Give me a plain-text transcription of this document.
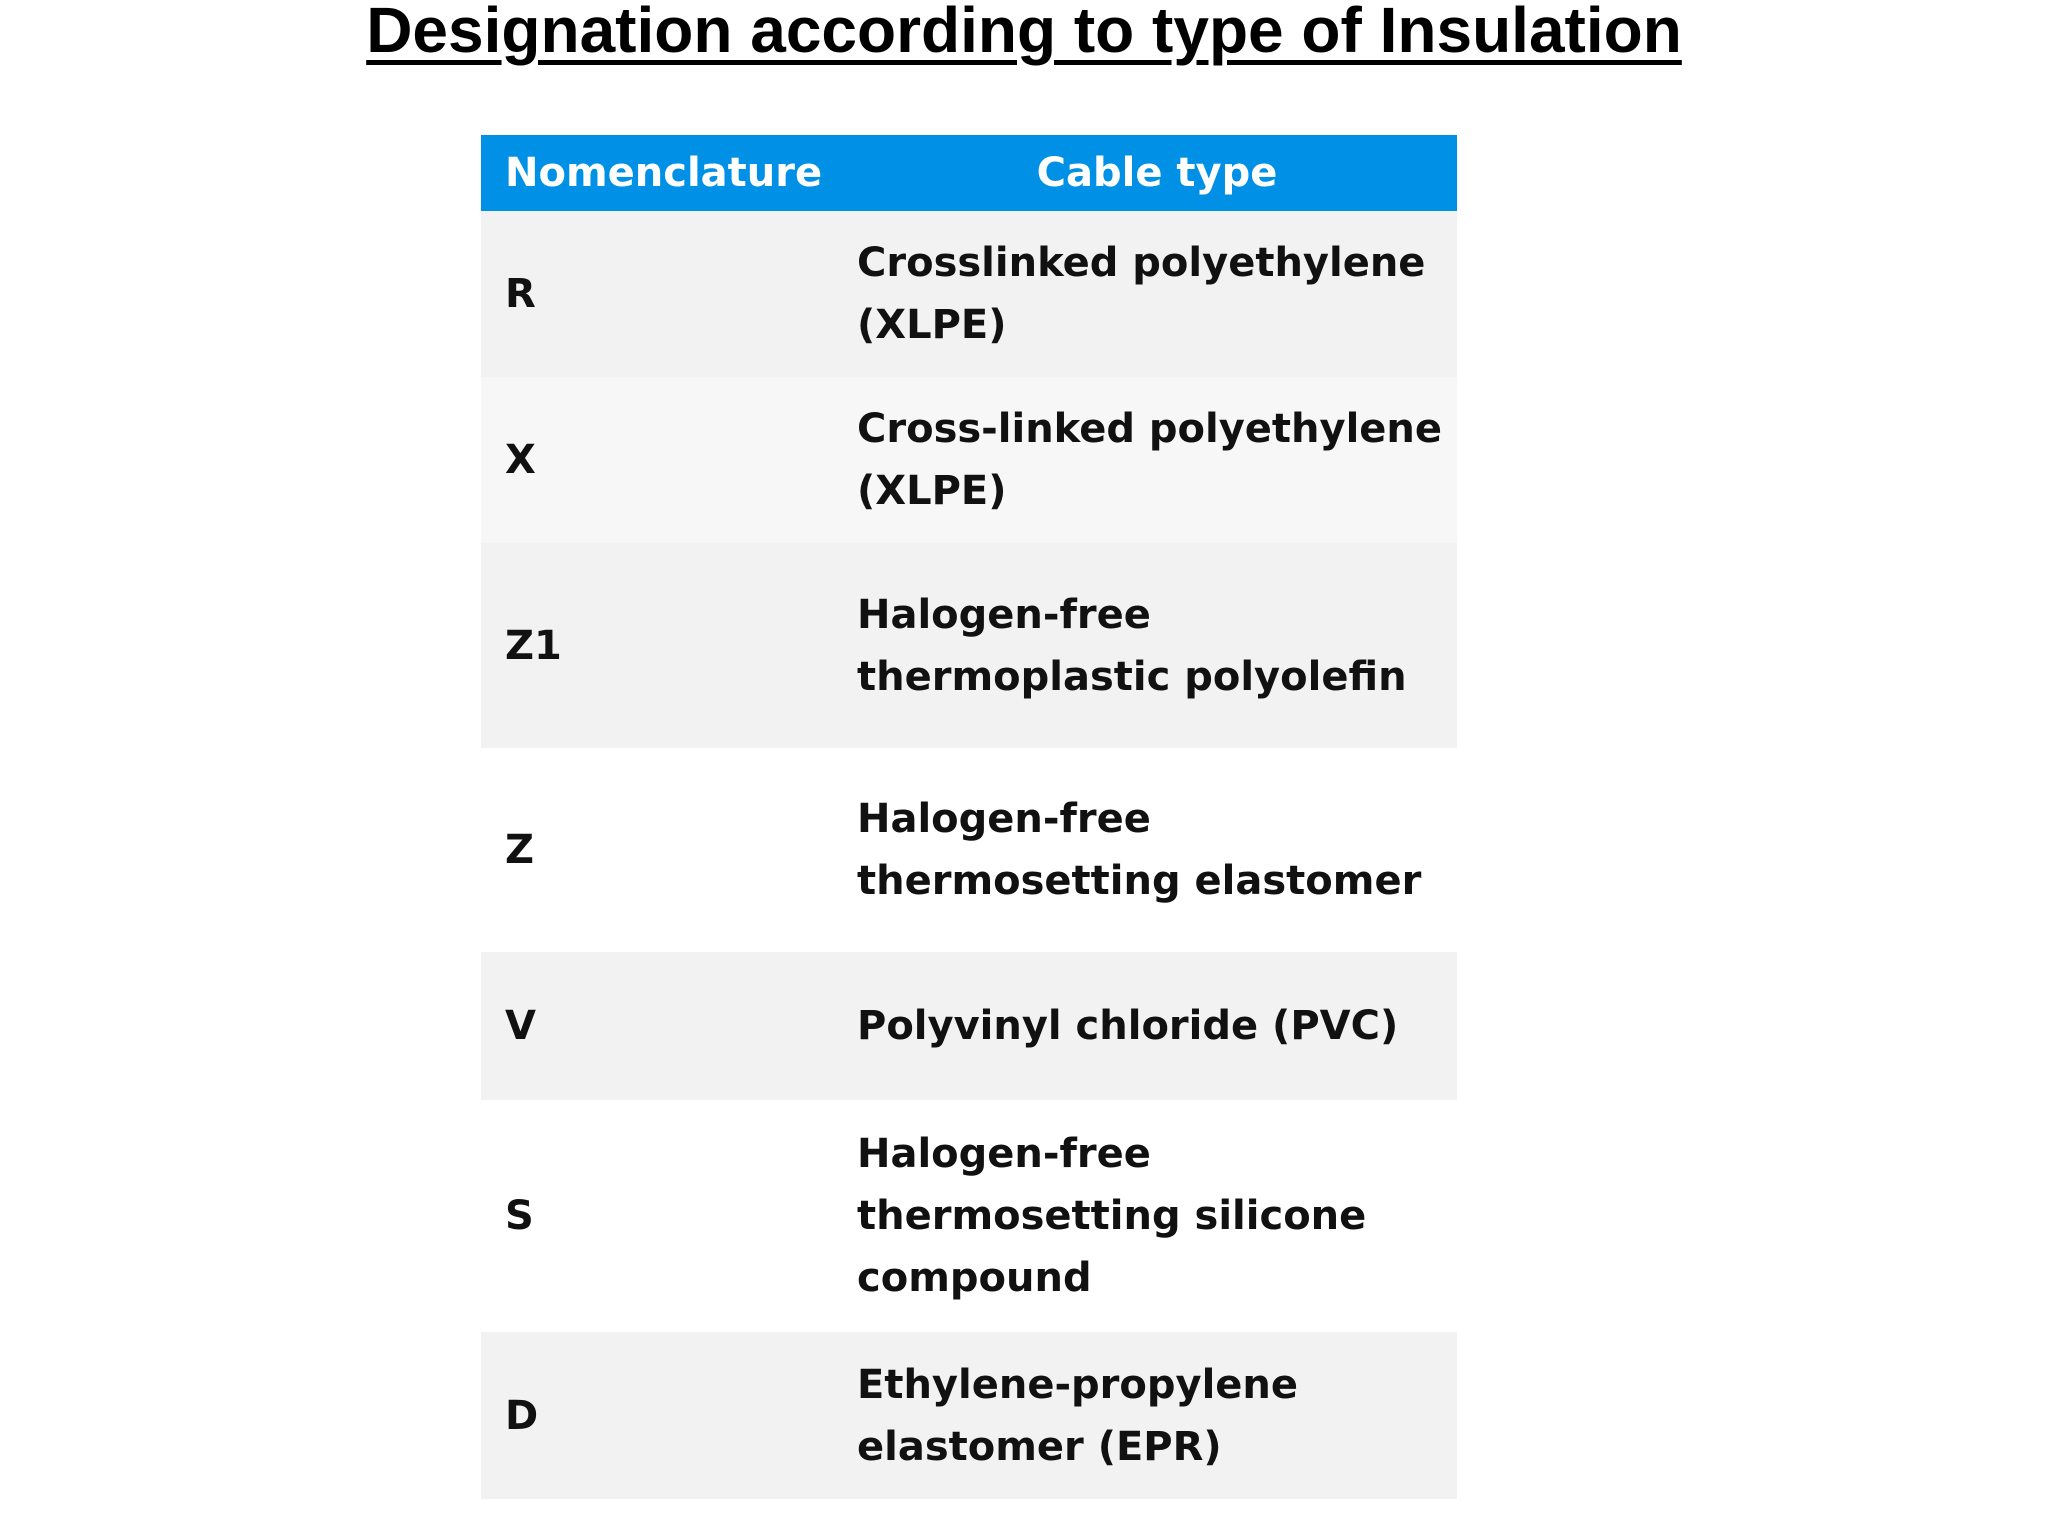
Designation according to type of Insulation
Nomenclature	Cable type
R	Crosslinked polyethylene
(XLPE)

X	Cross-linked polyethylene
(XLPE)

Z1	Halogen-free
thermoplastic polyolefin

Z	Halogen-free
thermosetting elastomer

V	Polyvinyl chloride (PVC)

S	Halogen-free
thermosetting silicone
compound

D	Ethylene-propylene
elastomer (EPR)
